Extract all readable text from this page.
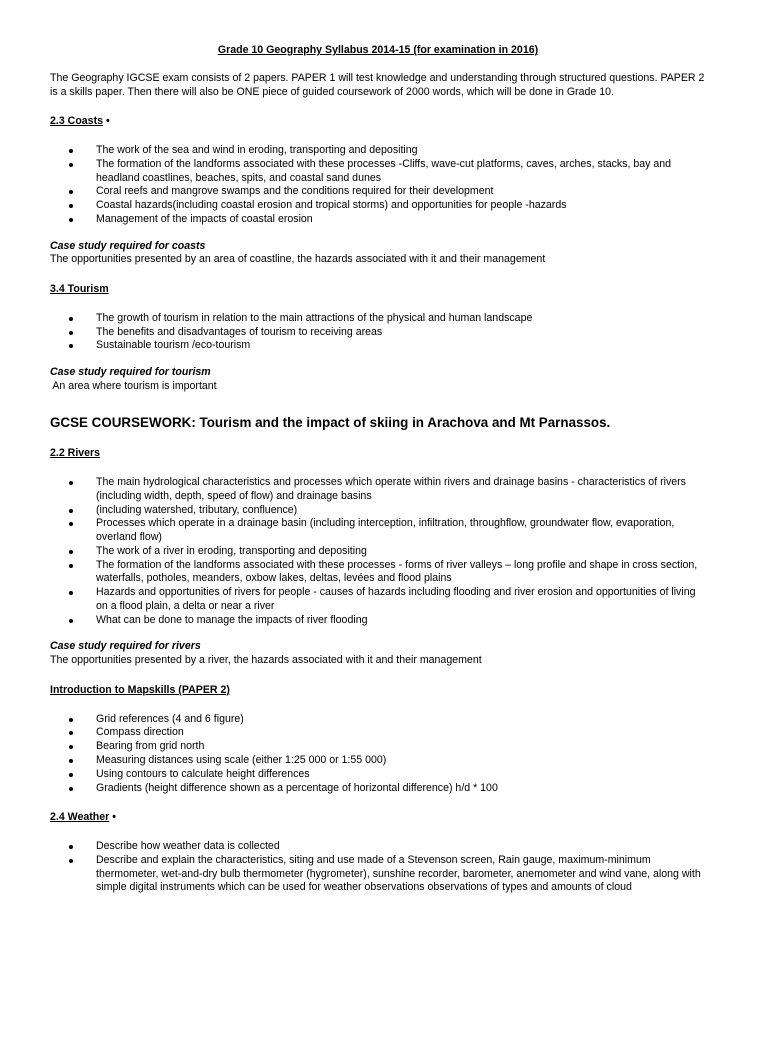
Grade 10 Geography Syllabus 2014-15 (for examination in 2016)
The Geography IGCSE exam consists of 2 papers. PAPER 1 will test knowledge and understanding through structured questions. PAPER 2 is a skills paper. Then there will also be ONE piece of guided coursework of 2000 words, which will be done in Grade 10.
2.3 Coasts •
The work of the sea and wind in eroding, transporting and depositing
The formation of the landforms associated with these processes -Cliffs, wave-cut platforms, caves, arches, stacks, bay and headland coastlines, beaches, spits, and coastal sand dunes
Coral reefs and mangrove swamps and the conditions required for their development
Coastal hazards(including coastal erosion and tropical storms) and opportunities for people -hazards
Management of the impacts of coastal erosion
Case study required for coasts
The opportunities presented by an area of coastline, the hazards associated with it and their management
3.4 Tourism
The growth of tourism in relation to the main attractions of the physical and human landscape
The benefits and disadvantages of tourism to receiving areas
Sustainable tourism /eco-tourism
Case study required for tourism
An area where tourism is important
GCSE COURSEWORK: Tourism and the impact of skiing in Arachova and Mt Parnassos.
2.2 Rivers
The main hydrological characteristics and processes which operate within rivers and drainage basins - characteristics of rivers (including width, depth, speed of flow) and drainage basins
(including watershed, tributary, confluence)
Processes which operate in a drainage basin (including interception, infiltration, throughflow, groundwater flow, evaporation, overland flow)
The work of a river in eroding, transporting and depositing
The formation of the landforms associated with these processes - forms of river valleys – long profile and shape in cross section, waterfalls, potholes, meanders, oxbow lakes, deltas, levées and flood plains
Hazards and opportunities of rivers for people - causes of hazards including flooding and river erosion and opportunities of living on a flood plain, a delta or near a river
What can be done to manage the impacts of river flooding
Case study required for rivers
The opportunities presented by a river, the hazards associated with it and their management
Introduction to Mapskills (PAPER 2)
Grid references (4 and 6 figure)
Compass direction
Bearing from grid north
Measuring distances using scale (either 1:25 000 or 1:55 000)
Using contours to calculate height differences
Gradients (height difference shown as a percentage of horizontal difference) h/d * 100
2.4 Weather •
Describe how weather data is collected
Describe and explain the characteristics, siting and use made of a Stevenson screen, Rain gauge, maximum-minimum thermometer, wet-and-dry bulb thermometer (hygrometer), sunshine recorder, barometer, anemometer and wind vane, along with simple digital instruments which can be used for weather observations observations of types and amounts of cloud
